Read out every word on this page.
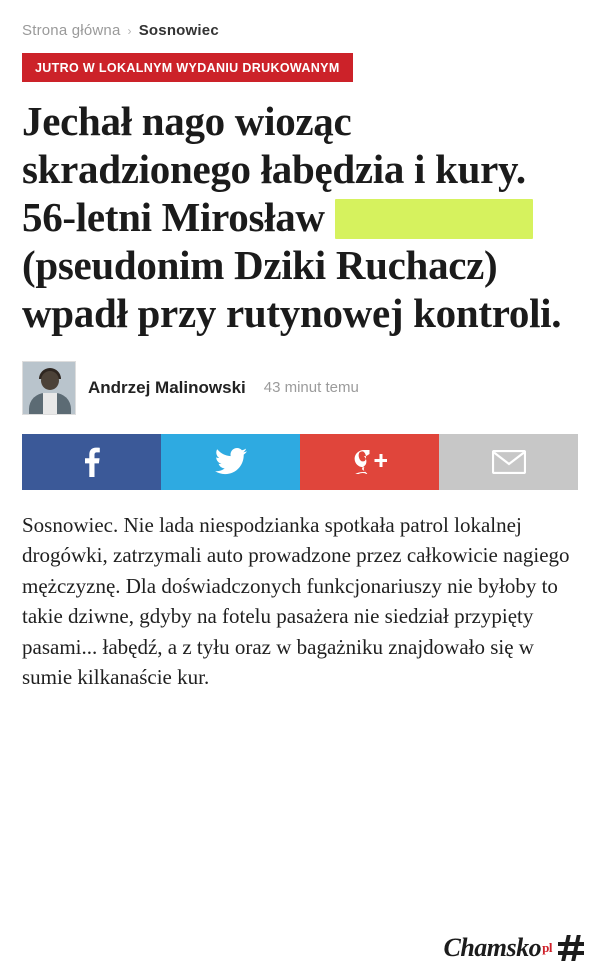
Strona główna › Sosnowiec
JUTRO W LOKALNYM WYDANIU DRUKOWANYM
Jechał nago wioząc skradzionego łabędzia i kury. 56-letni Mirosław  (pseudonim Dziki Ruchacz) wpadł przy rutynowej kontroli.
Andrzej Malinowski 43 minut temu
Sosnowiec. Nie lada niespodzianka spotkała patrol lokalnej drogówki, zatrzymali auto prowadzone przez całkowicie nagiego mężczyznę. Dla doświadczonych funkcjonariuszy nie byłoby to takie dziwne, gdyby na fotelu pasażera nie siedział przypięty pasami... łabędź, a z tyłu oraz w bagażniku znajdowało się w sumie kilkanaście kur.
Chamskopl
